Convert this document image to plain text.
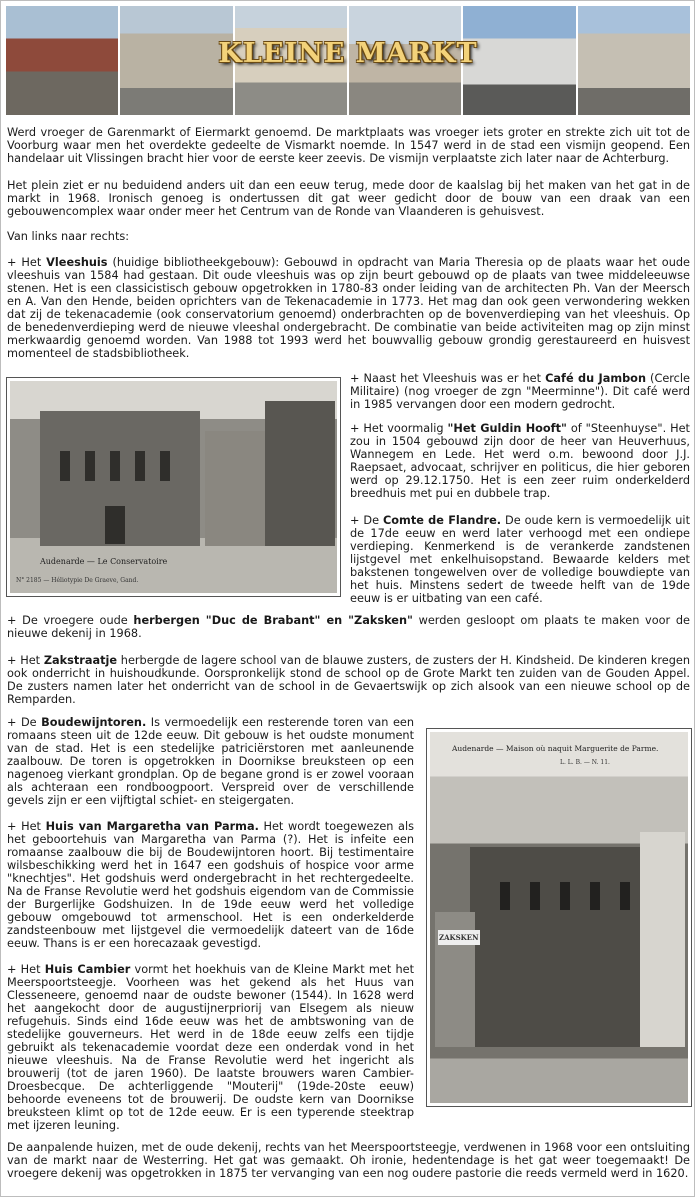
KLEINE MARKT

Werd vroeger de Garenmarkt of Eiermarkt genoemd. De marktplaats was vroeger iets groter en strekte zich uit tot de Voorburg waar men het overdekte gedeelte de Vismarkt noemde. In 1547 werd in de stad een vismijn geopend. Een handelaar uit Vlissingen bracht hier voor de eerste keer zeevis. De vismijn verplaatste zich later naar de Achterburg.

Het plein ziet er nu beduidend anders uit dan een eeuw terug, mede door de kaalslag bij het maken van het gat in de markt in 1968. Ironisch genoeg is ondertussen dit gat weer gedicht door de bouw van een draak van een gebouwencomplex waar onder meer het Centrum van de Ronde van Vlaanderen is gehuisvest.

Van links naar rechts:

+ Het Vleeshuis (huidige bibliotheekgebouw): Gebouwd in opdracht van Maria Theresia op de plaats waar het oude vleeshuis van 1584 had gestaan. Dit oude vleeshuis was op zijn beurt gebouwd op de plaats van twee middeleeuwse stenen. Het is een classicistisch gebouw opgetrokken in 1780-83 onder leiding van de architecten Ph. Van der Meersch en A. Van den Hende, beiden oprichters van de Tekenacademie in 1773. Het mag dan ook geen verwondering wekken dat zij de tekenacademie (ook conservatorium genoemd) onderbrachten op de bovenverdieping van het vleeshuis. Op de benedenverdieping werd de nieuwe vleeshal ondergebracht. De combinatie van beide activiteiten mag op zijn minst merkwaardig genoemd worden. Van 1988 tot 1993 werd het bouwvallig gebouw grondig gerestaureerd en huisvest momenteel de stadsbibliotheek.

Audenarde — Le Conservatoire
N° 2185 — Héliotypie De Graeve, Gand.

+ Naast het Vleeshuis was er het Café du Jambon (Cercle Militaire) (nog vroeger de zgn "Meerminne"). Dit café werd in 1985 vervangen door een modern gedrocht.

+ Het voormalig "Het Guldin Hooft" of "Steenhuyse". Het zou in 1504 gebouwd zijn door de heer van Heuverhuus, Wannegem en Lede. Het werd o.m. bewoond door J.J. Raepsaet, advocaat, schrijver en politicus, die hier geboren werd op 29.12.1750. Het is een zeer ruim onderkelderd breedhuis met pui en dubbele trap.

+ De Comte de Flandre. De oude kern is vermoedelijk uit de 17de eeuw en werd later verhoogd met een ondiepe verdieping. Kenmerkend is de verankerde zandstenen lijstgevel met enkelhuisopstand. Bewaarde kelders met bakstenen tongewelven over de volledige bouwdiepte van het huis. Minstens sedert de tweede helft van de 19de eeuw is er uitbating van een café.

+ De vroegere oude herbergen "Duc de Brabant" en "Zaksken" werden gesloopt om plaats te maken voor de nieuwe dekenij in 1968.

+ Het Zakstraatje herbergde de lagere school van de blauwe zusters, de zusters der H. Kindsheid. De kinderen kregen ook onderricht in huishoudkunde. Oorspronkelijk stond de school op de Grote Markt ten zuiden van de Gouden Appel. De zusters namen later het onderricht van de school in de Gevaertswijk op zich alsook van een nieuwe school op de Remparden.

+ De Boudewijntoren. Is vermoedelijk een resterende toren van een romaans steen uit de 12de eeuw. Dit gebouw is het oudste monument van de stad. Het is een stedelijke patriciërstoren met aanleunende zaalbouw. De toren is opgetrokken in Doornikse breuksteen op een nagenoeg vierkant grondplan. Op de begane grond is er zowel vooraan als achteraan een rondboogpoort. Verspreid over de verschillende gevels zijn er een vijftigtal schiet- en steigergaten.

+ Het Huis van Margaretha van Parma. Het wordt toegewezen als het geboortehuis van Margaretha van Parma (?). Het is infeite een romaanse zaalbouw die bij de Boudewijntoren hoort. Bij testimentaire wilsbeschikking werd het in 1647 een godshuis of hospice voor arme "knechtjes". Het godshuis werd ondergebracht in het rechtergedeelte. Na de Franse Revolutie werd het godshuis eigendom van de Commissie der Burgerlijke Godshuizen. In de 19de eeuw werd het volledige gebouw omgebouwd tot armenschool. Het is een onderkelderde zandsteenbouw met lijstgevel die vermoedelijk dateert van de 16de eeuw. Thans is er een horecazaak gevestigd.

+ Het Huis Cambier vormt het hoekhuis van de Kleine Markt met het Meerspoortsteegje. Voorheen was het gekend als het Huus van Clesseneere, genoemd naar de oudste bewoner (1544). In 1628 werd het aangekocht door de augustijnerpriorij van Elsegem als nieuw refugehuis. Sinds eind 16de eeuw was het de ambtswoning van de stedelijke gouverneurs. Het werd in de 18de eeuw zelfs een tijdje gebruikt als tekenacademie voordat deze een onderdak vond in het nieuwe vleeshuis. Na de Franse Revolutie werd het ingericht als brouwerij (tot de jaren 1960). De laatste brouwers waren Cambier-Droesbecque. De achterliggende "Mouterij" (19de-20ste eeuw) behoorde eveneens tot de brouwerij. De oudste kern van Doornikse breuksteen klimt op tot de 12de eeuw. Er is een typerende steektrap met ijzeren leuning.

Audenarde — Maison où naquit Marguerite de Parme.
L. L. B. — N. 11.
ZAKSKEN

De aanpalende huizen, met de oude dekenij, rechts van het Meerspoortsteegje, verdwenen in 1968 voor een ontsluiting van de markt naar de Westerring. Het gat was gemaakt. Oh ironie, hedentendage is het gat weer toegemaakt! De vroegere dekenij was opgetrokken in 1875 ter vervanging van een nog oudere pastorie die reeds vermeld werd in 1620.
